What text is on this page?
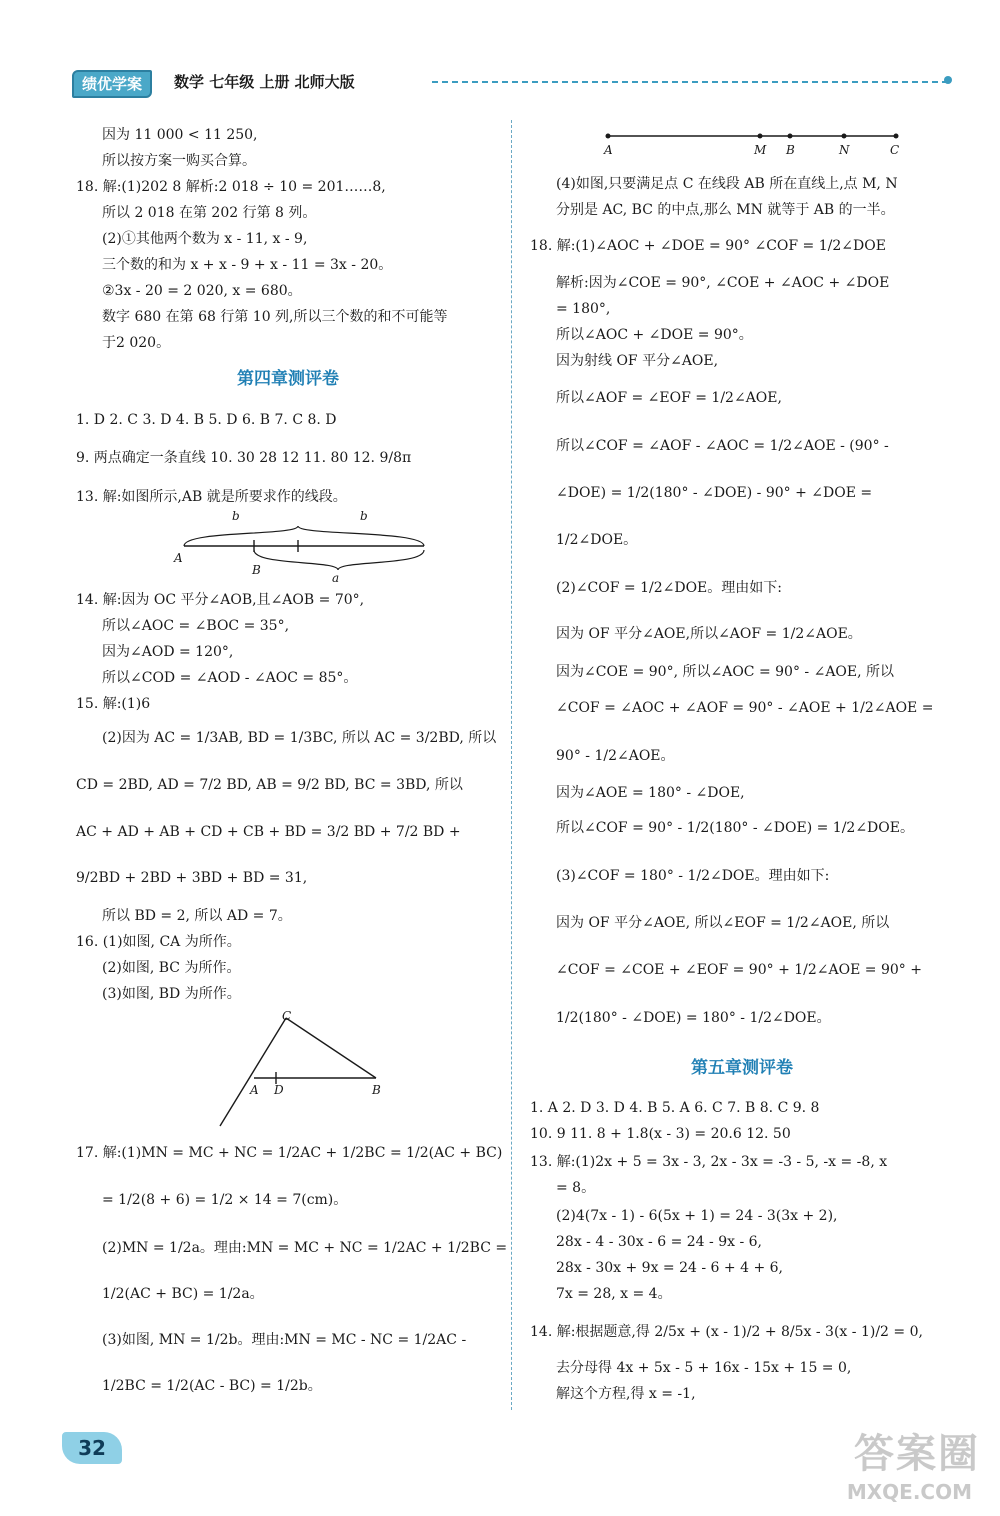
绩优学案	数学 七年级 上册 北师大版
因为 11 000 < 11 250,
所以按方案一购买合算。
18. 解:(1)202 8 解析:2 018 ÷ 10 = 201……8,
所以 2 018 在第 202 行第 8 列。
(2)①其他两个数为 x - 11, x - 9,
三个数的和为 x + x - 9 + x - 11 = 3x - 20。
②3x - 20 = 2 020, x = 680。
数字 680 在第 68 行第 10 列,所以三个数的和不可能等
于2 020。
第四章测评卷
1. D 2. C 3. D 4. B 5. D 6. B 7. C 8. D
9. 两点确定一条直线 10. 30 28 12 11. 80 12. 9/8π
13. 解:如图所示,AB 就是所要求作的线段。
A
B
b	b
a
14. 解:因为 OC 平分∠AOB,且∠AOB = 70°,
所以∠AOC = ∠BOC = 35°,
因为∠AOD = 120°,
所以∠COD = ∠AOD - ∠AOC = 85°。
15. 解:(1)6
(2)因为 AC = 1/3AB, BD = 1/3BC, 所以 AC = 3/2BD, 所以
CD = 2BD, AD = 7/2 BD, AB = 9/2 BD, BC = 3BD, 所以
AC + AD + AB + CD + CB + BD = 3/2 BD + 7/2 BD +
9/2BD + 2BD + 3BD + BD = 31,
所以 BD = 2, 所以 AD = 7。
16. (1)如图, CA 为所作。
(2)如图, BC 为所作。
(3)如图, BD 为所作。
C
A D	B
17. 解:(1)MN = MC + NC = 1/2AC + 1/2BC = 1/2(AC + BC)
= 1/2(8 + 6) = 1/2 × 14 = 7(cm)。
(2)MN = 1/2a。理由:MN = MC + NC = 1/2AC + 1/2BC =
1/2(AC + BC) = 1/2a。
(3)如图, MN = 1/2b。理由:MN = MC - NC = 1/2AC -
1/2BC = 1/2(AC - BC) = 1/2b。
A	M B	N	C
(4)如图,只要满足点 C 在线段 AB 所在直线上,点 M, N
分别是 AC, BC 的中点,那么 MN 就等于 AB 的一半。
18. 解:(1)∠AOC + ∠DOE = 90° ∠COF = 1/2∠DOE
解析:因为∠COE = 90°, ∠COE + ∠AOC + ∠DOE
= 180°,
所以∠AOC + ∠DOE = 90°。
因为射线 OF 平分∠AOE,
所以∠AOF = ∠EOF = 1/2∠AOE,
所以∠COF = ∠AOF - ∠AOC = 1/2∠AOE - (90° -
∠DOE) = 1/2(180° - ∠DOE) - 90° + ∠DOE =
1/2∠DOE。
(2)∠COF = 1/2∠DOE。理由如下:
因为 OF 平分∠AOE,所以∠AOF = 1/2∠AOE。
因为∠COE = 90°, 所以∠AOC = 90° - ∠AOE, 所以
∠COF = ∠AOC + ∠AOF = 90° - ∠AOE + 1/2∠AOE =
90° - 1/2∠AOE。
因为∠AOE = 180° - ∠DOE,
所以∠COF = 90° - 1/2(180° - ∠DOE) = 1/2∠DOE。
(3)∠COF = 180° - 1/2∠DOE。理由如下:
因为 OF 平分∠AOE, 所以∠EOF = 1/2∠AOE, 所以
∠COF = ∠COE + ∠EOF = 90° + 1/2∠AOE = 90° +
1/2(180° - ∠DOE) = 180° - 1/2∠DOE。
第五章测评卷
1. A 2. D 3. D 4. B 5. A 6. C 7. B 8. C 9. 8
10. 9 11. 8 + 1.8(x - 3) = 20.6 12. 50
13. 解:(1)2x + 5 = 3x - 3, 2x - 3x = -3 - 5, -x = -8, x
= 8。
(2)4(7x - 1) - 6(5x + 1) = 24 - 3(3x + 2),
28x - 4 - 30x - 6 = 24 - 9x - 6,
28x - 30x + 9x = 24 - 6 + 4 + 6,
7x = 28, x = 4。
14. 解:根据题意,得 2/5x + (x - 1)/2 + 8/5x - 3(x - 1)/2 = 0,
去分母得 4x + 5x - 5 + 16x - 15x + 15 = 0,
解这个方程,得 x = -1,
32	答案圈
MXQE.COM
